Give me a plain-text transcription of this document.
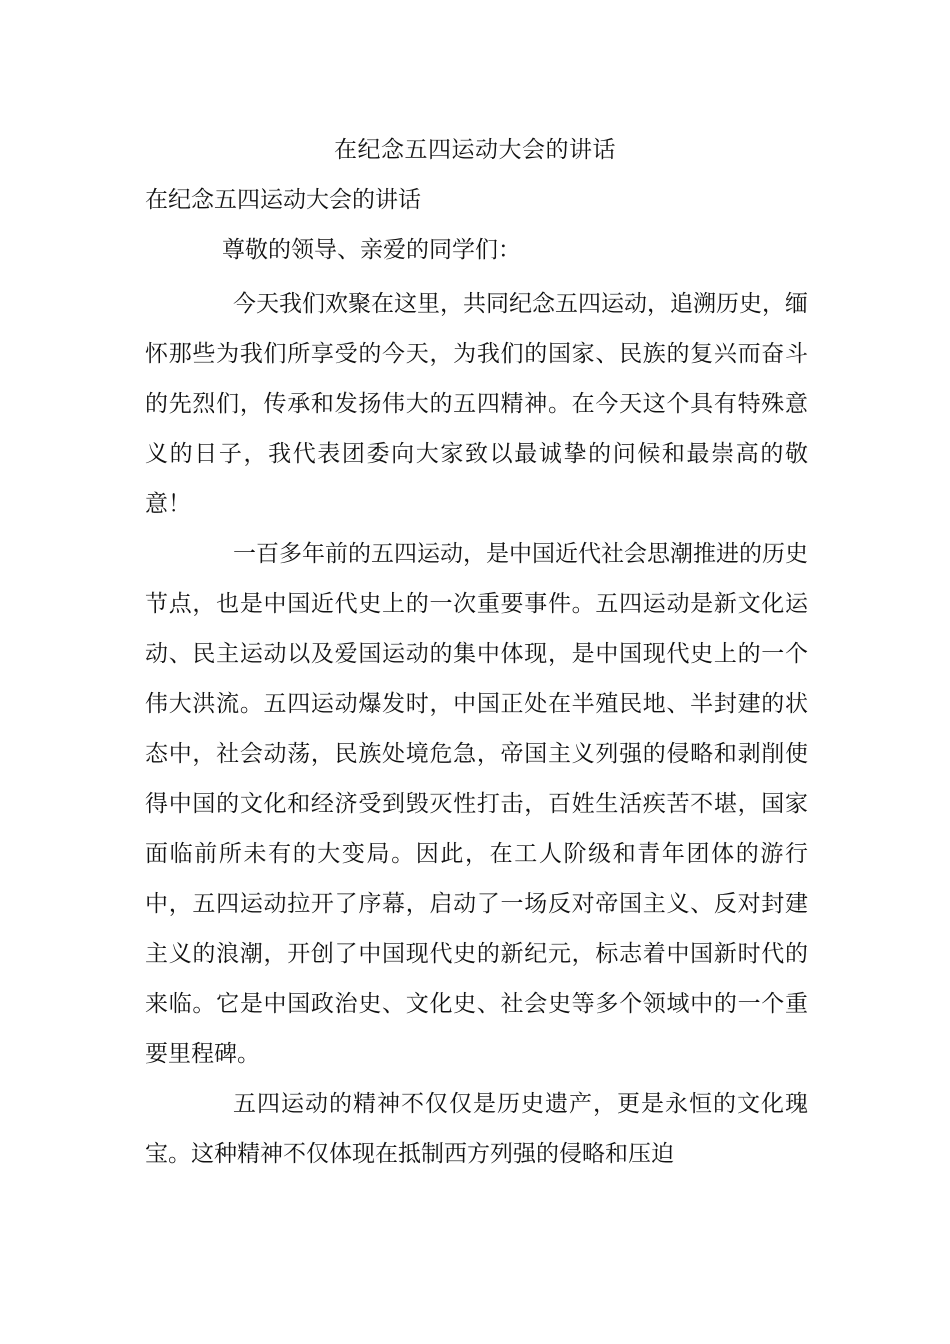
在纪念五四运动大会的讲话
在纪念五四运动大会的讲话
尊敬的领导、亲爱的同学们：

今天我们欢聚在这里，共同纪念五四运动，追溯历史，缅怀那些为我们所享受的今天，为我们的国家、民族的复兴而奋斗的先烈们，传承和发扬伟大的五四精神。在今天这个具有特殊意义的日子，我代表团委向大家致以最诚挚的问候和最崇高的敬意！

一百多年前的五四运动，是中国近代社会思潮推进的历史节点，也是中国近代史上的一次重要事件。五四运动是新文化运动、民主运动以及爱国运动的集中体现，是中国现代史上的一个伟大洪流。五四运动爆发时，中国正处在半殖民地、半封建的状态中，社会动荡，民族处境危急，帝国主义列强的侵略和剥削使得中国的文化和经济受到毁灭性打击，百姓生活疾苦不堪，国家面临前所未有的大变局。因此，在工人阶级和青年团体的游行中，五四运动拉开了序幕，启动了一场反对帝国主义、反对封建主义的浪潮，开创了中国现代史的新纪元，标志着中国新时代的来临。它是中国政治史、文化史、社会史等多个领域中的一个重要里程碑。

五四运动的精神不仅仅是历史遗产，更是永恒的文化瑰宝。这种精神不仅体现在抵制西方列强的侵略和压迫
